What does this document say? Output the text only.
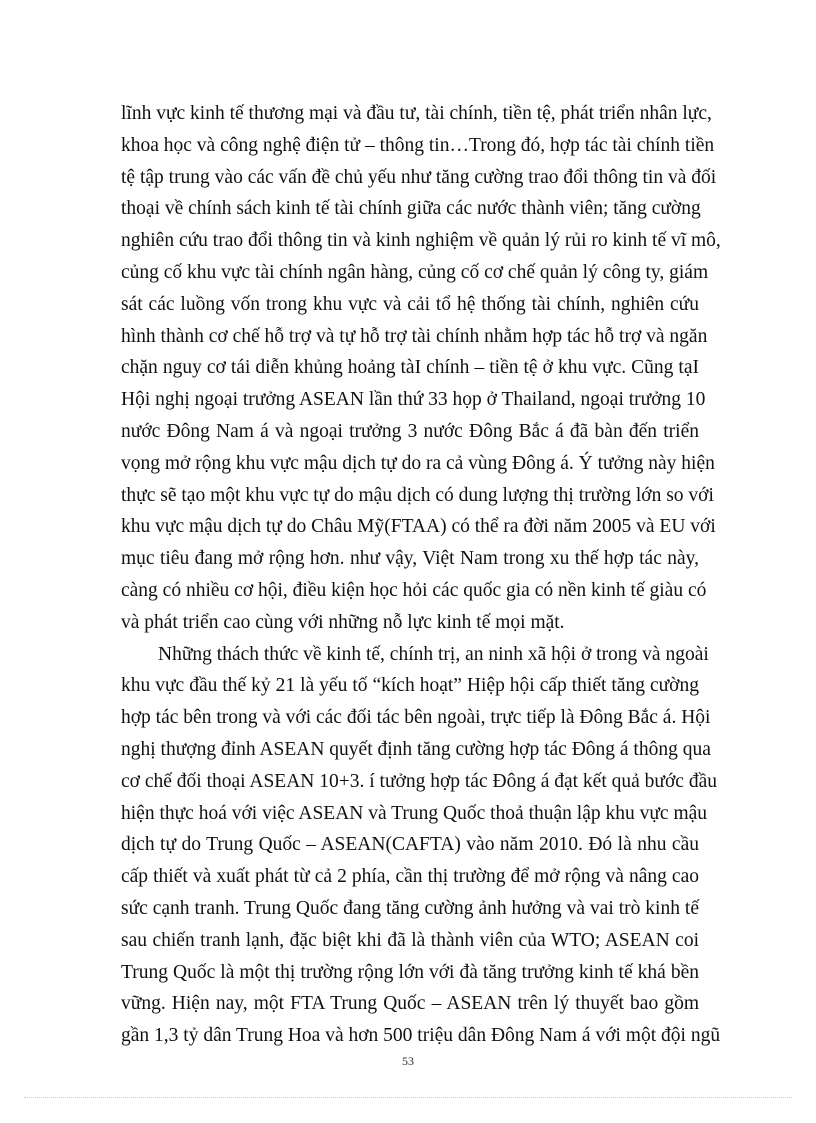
lĩnh vực kinh tế thương mại và đầu tư, tài chính, tiền tệ, phát triển nhân lực,
khoa học và công nghệ điện tử – thông tin…Trong đó, hợp tác tài chính tiền
tệ tập trung vào các vấn đề chủ yếu như tăng cường trao đổi thông tin và đối
thoại về chính sách kinh tế tài chính giữa các nước thành viên; tăng cường
nghiên cứu trao đổi thông tin và kinh nghiệm về quản lý rủi ro kinh tế vĩ mô,
củng cố khu vực tài chính ngân hàng, củng cố cơ chế quản lý công ty, giám
sát các luồng vốn trong khu vực và cải tổ hệ thống tài chính, nghiên cứu
hình thành cơ chế hỗ trợ và tự hỗ trợ tài chính nhằm hợp tác hỗ trợ và ngăn
chặn nguy cơ tái diễn khủng hoảng tàI chính – tiền tệ ở khu vực. Cũng tạI
Hội nghị ngoại trưởng ASEAN lần thứ 33 họp ở Thailand, ngoại trưởng 10
nước Đông Nam á và ngoại trưởng 3 nước Đông Bắc á đã bàn đến triển
vọng mở rộng khu vực mậu dịch tự do ra cả vùng Đông á. Ý tưởng này hiện
thực sẽ tạo một khu vực tự do mậu dịch có dung lượng thị trường lớn so với
khu vực mậu dịch tự do Châu Mỹ(FTAA) có thể ra đời năm 2005 và EU với
mục tiêu đang mở rộng hơn. như vậy, Việt Nam trong xu thế hợp tác này,
càng có nhiều cơ hội, điều kiện học hỏi các quốc gia có nền kinh tế giàu có
và phát triển cao cùng với những nỗ lực kinh tế mọi mặt.
Những thách thức về kinh tế, chính trị, an ninh xã hội ở trong và ngoài
khu vực đầu thế kỷ 21 là yếu tố “kích hoạt” Hiệp hội cấp thiết tăng cường
hợp tác bên trong và với các đối tác bên ngoài, trực tiếp là Đông Bắc á. Hội
nghị thượng đỉnh ASEAN quyết định tăng cường hợp tác Đông á thông qua
cơ chế đối thoại ASEAN 10+3. í tưởng hợp tác Đông á đạt kết quả bước đầu
hiện thực hoá với việc ASEAN và Trung Quốc thoả thuận lập khu vực mậu
dịch tự do Trung Quốc – ASEAN(CAFTA) vào năm 2010. Đó là nhu cầu
cấp thiết và xuất phát từ cả 2 phía, cần thị trường để mở rộng và nâng cao
sức cạnh tranh. Trung Quốc đang tăng cường ảnh hưởng và vai trò kinh tế
sau chiến tranh lạnh, đặc biệt khi đã là thành viên của WTO; ASEAN coi
Trung Quốc là một thị trường rộng lớn với đà tăng trưởng kinh tế khá bền
vững. Hiện nay, một FTA Trung Quốc – ASEAN trên lý thuyết bao gồm
gần 1,3 tỷ dân Trung Hoa và hơn 500 triệu dân Đông Nam á với một đội ngũ
53
